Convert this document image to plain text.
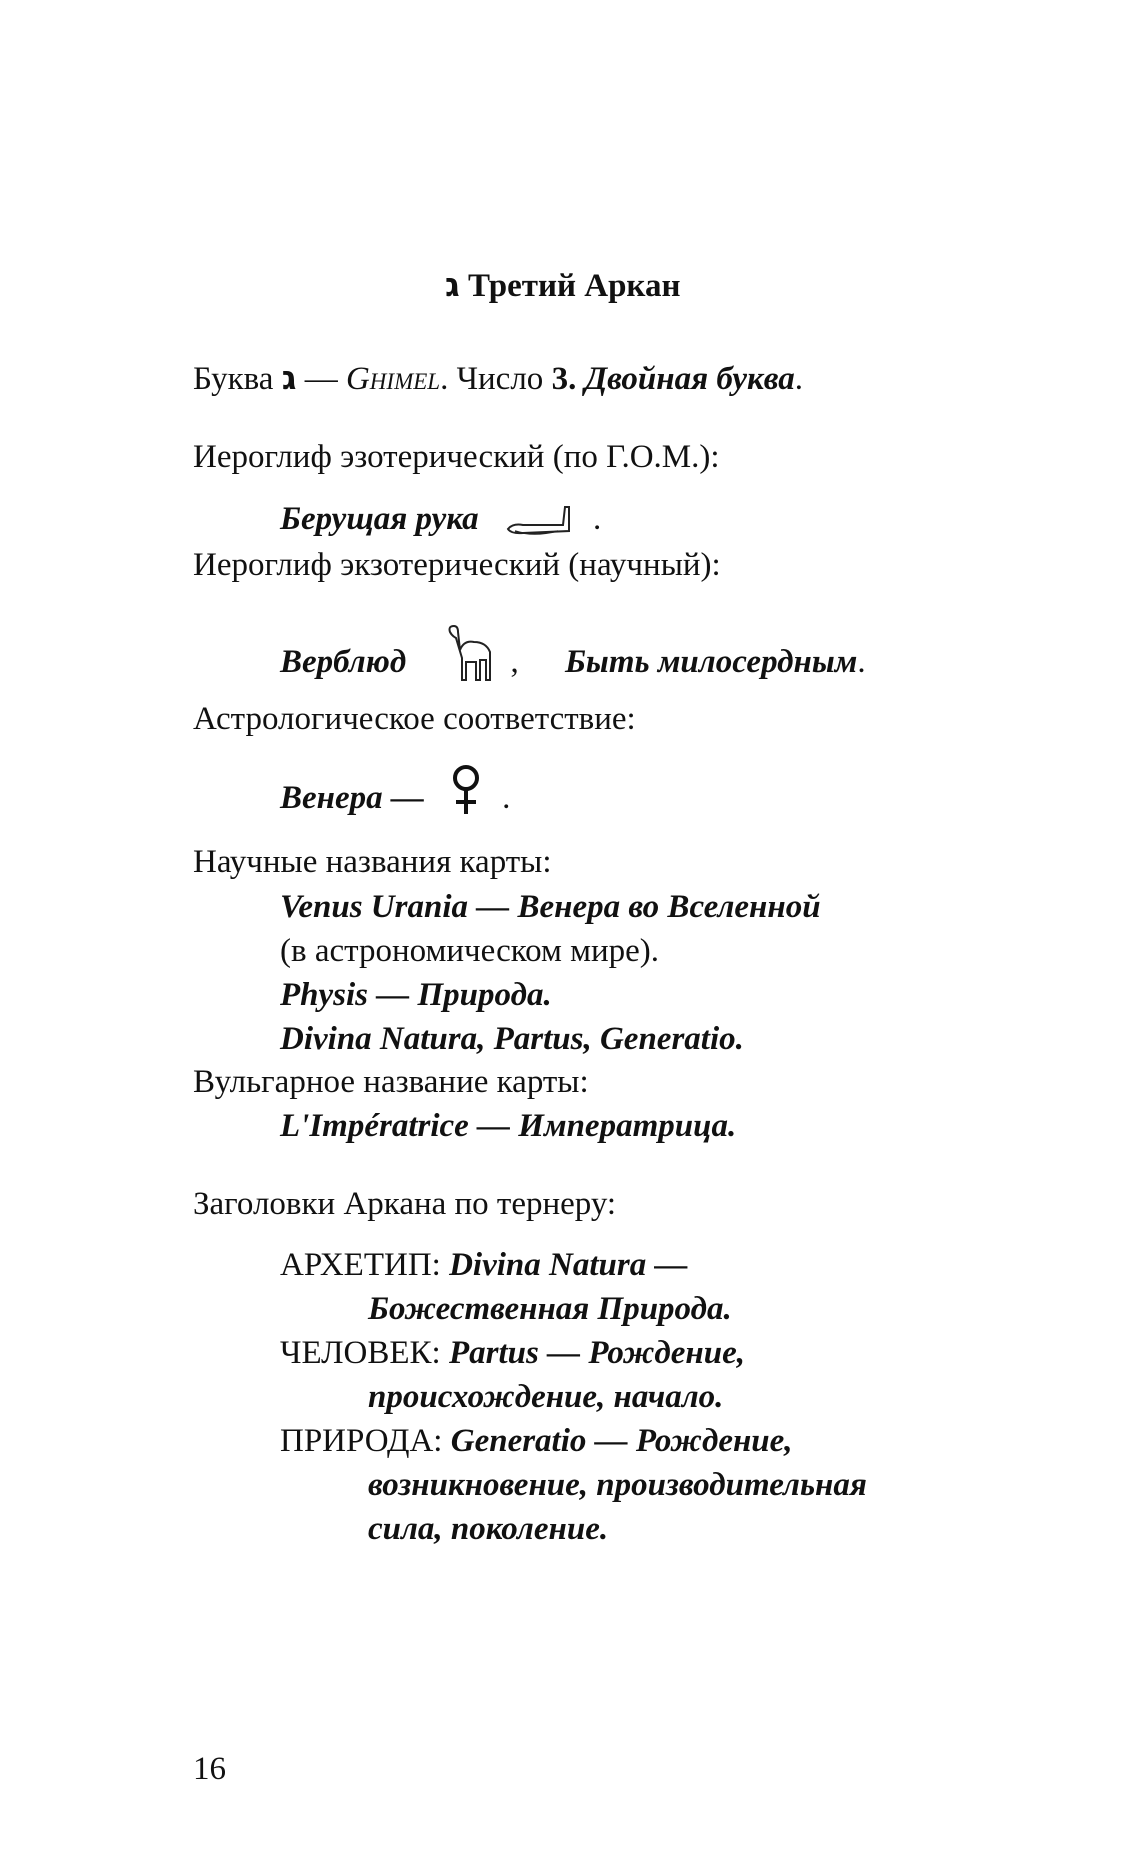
ג Третий Аркан
Буква ג — Ghimel. Число 3. Двойная буква.
Иероглиф эзотерический (по Г.О.М.):
Берущая рука	.
Иероглиф экзотерический (научный):
Верблюд	, Быть милосердным.
Астрологическое соответствие:
Венера — .
Научные названия карты:
Venus Urania — Венера во Вселенной
(в астрономическом мире).
Physis — Природа.
Divina Natura, Partus, Generatio.
Вульгарное название карты:
L'Impératrice — Императрица.
Заголовки Аркана по тернеру:
АРХЕТИП: Divina Natura —
Божественная Природа.
ЧЕЛОВЕК: Partus — Рождение,
происхождение, начало.
ПРИРОДА: Generatio — Рождение,
возникновение, производительная
сила, поколение.
16
